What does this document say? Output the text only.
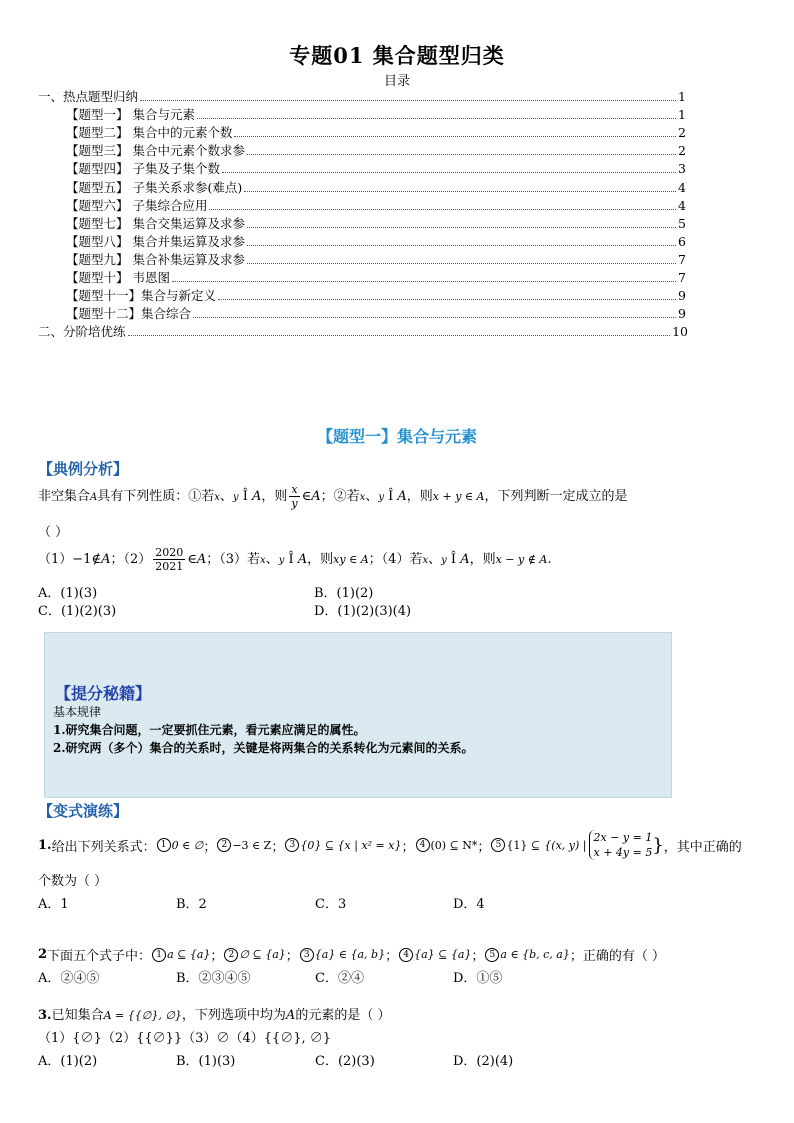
专题01 集合题型归类
目录
一、热点题型归纳	1
【题型一】 集合与元素	1
【题型二】 集合中的元素个数	2
【题型三】 集合中元素个数求参	2
【题型四】 子集及子集个数	3
【题型五】 子集关系求参(难点)	4
【题型六】 子集综合应用	4
【题型七】 集合交集运算及求参	5
【题型八】 集合并集运算及求参	6
【题型九】 集合补集运算及求参	7
【题型十】 韦恩图	7
【题型十一】集合与新定义	9
【题型十二】集合综合	9
二、分阶培优练	10
【题型一】集合与元素
【典例分析】
非空集合A具有下列性质：①若x、y Î A，则 $\frac{x}{y}$ ∈A；②若x、y Î A，则x + y ∈ A，下列判断一定成立的是
（ ）
（1）−1∉A；$(2) \frac{2020}{2021}$ ∈A；（3）若x、y Î A，则xy ∈ A；（4）若x、y Î A，则x − y ∉ A.
A．(1)(3)	B．(1)(2)
C．(1)(2)(3)	D．(1)(2)(3)(4)
【提分秘籍】
基本规律
1.研究集合问题，一定要抓住元素，看元素应满足的属性。
2.研究两（多个）集合的关系时，关键是将两集合的关系转化为元素间的关系。
【变式演练】
1. 给出下列关系式： 1 0 ∈ ∅ ； 2 −3 ∈ Z ； 3 {0} ⊆ {x | x² = x} ； 4 (0) ⊆ N* ； 5 {1} ⊆
{(x, y) |
2x − y = 1
x + 4y = 5 } ，其中正确的
个数为（ ）
A．1	B．2	C．3	D．4
2 下面五个式子中： 1 a ⊆ {a} ； 2 ∅ ⊆ {a} ； 3 {a} ∈ {a, b} ； 4 {a} ⊆ {a} ； 5 a ∈ {b, c, a} ；正确的有（ ）
A．②④⑤	B．②③④⑤	C．②④	D．①⑤
3.已知集合A = {{∅}, ∅}，下列选项中均为A的元素的是（ ）
（1）{∅}（2）{{∅}}（3）∅（4）{{∅}, ∅}
A．(1)(2)	B．(1)(3)	C．(2)(3)	D．(2)(4)
